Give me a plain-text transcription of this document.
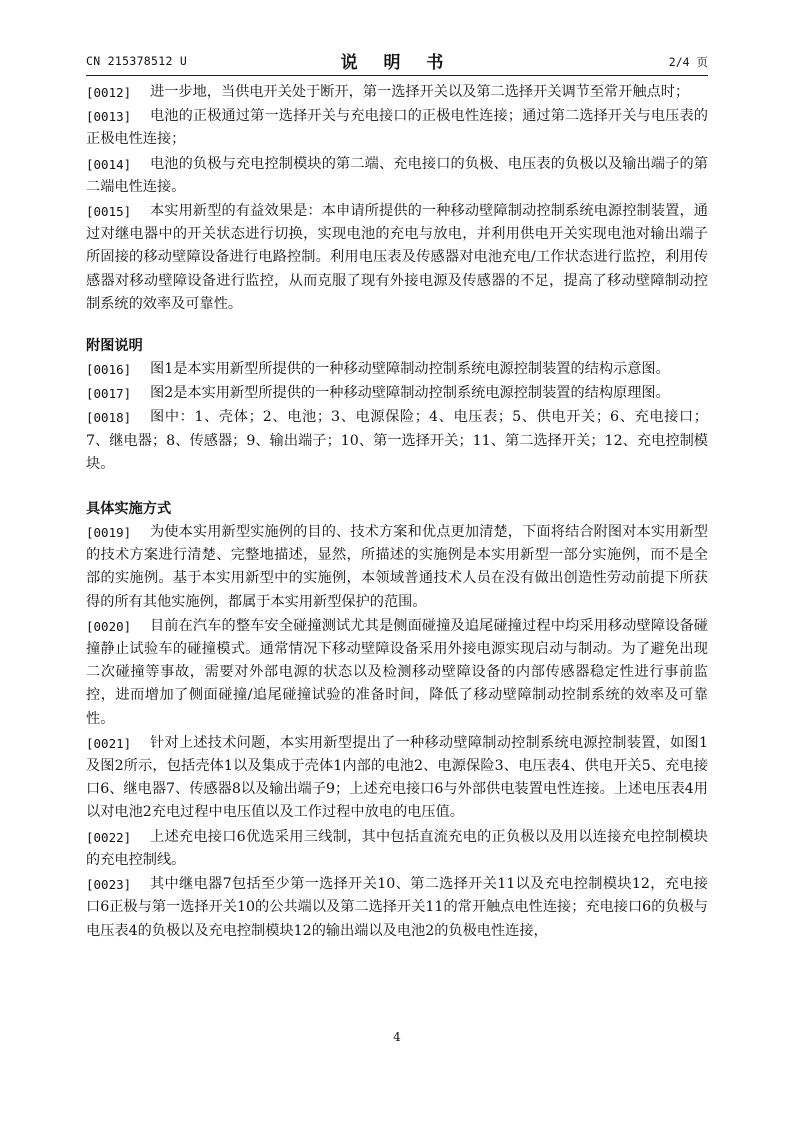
CN 215378512 U	说 明 书	2/4 页
[0012]	进一步地，当供电开关处于断开，第一选择开关以及第二选择开关调节至常开触点时；
[0013]	电池的正极通过第一选择开关与充电接口的正极电性连接；通过第二选择开关与电压表的正极电性连接；
[0014]	电池的负极与充电控制模块的第二端、充电接口的负极、电压表的负极以及输出端子的第二端电性连接。
[0015]	本实用新型的有益效果是：本申请所提供的一种移动壁障制动控制系统电源控制装置，通过对继电器中的开关状态进行切换，实现电池的充电与放电，并利用供电开关实现电池对输出端子所固接的移动壁障设备进行电路控制。利用电压表及传感器对电池充电/工作状态进行监控，利用传感器对移动壁障设备进行监控，从而克服了现有外接电源及传感器的不足，提高了移动壁障制动控制系统的效率及可靠性。
附图说明
[0016]	图1是本实用新型所提供的一种移动壁障制动控制系统电源控制装置的结构示意图。
[0017]	图2是本实用新型所提供的一种移动壁障制动控制系统电源控制装置的结构原理图。
[0018]	图中：1、壳体；2、电池；3、电源保险；4、电压表；5、供电开关；6、充电接口；7、继电器；8、传感器；9、输出端子；10、第一选择开关；11、第二选择开关；12、充电控制模块。
具体实施方式
[0019]	为使本实用新型实施例的目的、技术方案和优点更加清楚，下面将结合附图对本实用新型的技术方案进行清楚、完整地描述，显然，所描述的实施例是本实用新型一部分实施例，而不是全部的实施例。基于本实用新型中的实施例，本领域普通技术人员在没有做出创造性劳动前提下所获得的所有其他实施例，都属于本实用新型保护的范围。
[0020]	目前在汽车的整车安全碰撞测试尤其是侧面碰撞及追尾碰撞过程中均采用移动壁障设备碰撞静止试验车的碰撞模式。通常情况下移动壁障设备采用外接电源实现启动与制动。为了避免出现二次碰撞等事故，需要对外部电源的状态以及检测移动壁障设备的内部传感器稳定性进行事前监控，进而增加了侧面碰撞/追尾碰撞试验的准备时间，降低了移动壁障制动控制系统的效率及可靠性。
[0021]	针对上述技术问题，本实用新型提出了一种移动壁障制动控制系统电源控制装置，如图1及图2所示，包括壳体1以及集成于壳体1内部的电池2、电源保险3、电压表4、供电开关5、充电接口6、继电器7、传感器8以及输出端子9；上述充电接口6与外部供电装置电性连接。上述电压表4用以对电池2充电过程中电压值以及工作过程中放电的电压值。
[0022]	上述充电接口6优选采用三线制，其中包括直流充电的正负极以及用以连接充电控制模块的充电控制线。
[0023]	其中继电器7包括至少第一选择开关10、第二选择开关11以及充电控制模块12，充电接口6正极与第一选择开关10的公共端以及第二选择开关11的常开触点电性连接；充电接口6的负极与电压表4的负极以及充电控制模块12的输出端以及电池2的负极电性连接，
4
